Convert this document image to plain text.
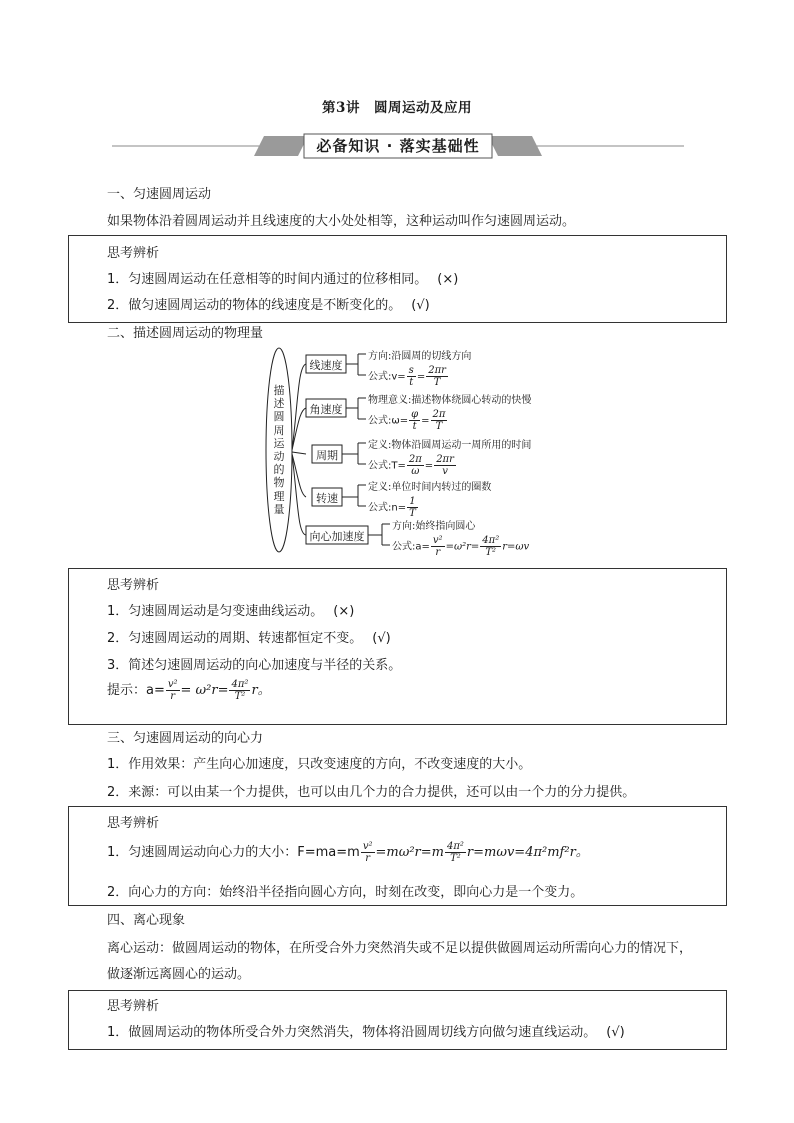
第3讲　圆周运动及应用
必备知识 · 落实基础性
一、匀速圆周运动
如果物体沿着圆周运动并且线速度的大小处处相等，这种运动叫作匀速圆周运动。
思考辨析
1．匀速圆周运动在任意相等的时间内通过的位移相同。 (×)
2．做匀速圆周运动的物体的线速度是不断变化的。 (√)
二、描述圆周运动的物理量
描
述
圆
周
运
动
的
物
理
量
线速度
角速度
周期
转速
向心加速度
方向:沿圆周的切线方向
公式:v= $\frac{s}{t} = \frac{2\pi r}{T}$
物理意义:描述物体绕圆心转动的快慢
公式:ω= $\frac{\varphi}{t} = \frac{2\pi}{T}$
定义:物体沿圆周运动一周所用的时间
公式:T= $\frac{2\pi}{\omega} = \frac{2\pi r}{v}$
定义:单位时间内转过的圈数
公式:n= $\frac{1}{T}$
方向:始终指向圆心
公式:a= $\frac{\text{v²}}{r} =\omega^2r= \frac{\text{4π²}}{\text{T²}} r=\omega v$
思考辨析
1．匀速圆周运动是匀变速曲线运动。 (×)
2．匀速圆周运动的周期、转速都恒定不变。 (√)
3．简述匀速圆周运动的向心加速度与半径的关系。
提示：$a= \frac{\text{v²}}{r} = \omega^2r= \frac{\text{4π²}}{\text{T²}}$ r。
三、匀速圆周运动的向心力
1．作用效果：产生向心加速度，只改变速度的方向，不改变速度的大小。
2．来源：可以由某一个力提供，也可以由几个力的合力提供，还可以由一个力的分力提供。
思考辨析
1．匀速圆周运动向心力的大小：$F=ma=m \frac{\text{v²}}{r} =m\omega^2r=m \frac{\text{4π²}}{\text{T²}} r=m\omega v=4\pi^2mf^2r$。
2．向心力的方向：始终沿半径指向圆心方向，时刻在改变，即向心力是一个变力。
四、离心现象
离心运动：做圆周运动的物体，在所受合外力突然消失或不足以提供做圆周运动所需向心力的情况下，
做逐渐远离圆心的运动。
思考辨析
1．做圆周运动的物体所受合外力突然消失，物体将沿圆周切线方向做匀速直线运动。 (√)
